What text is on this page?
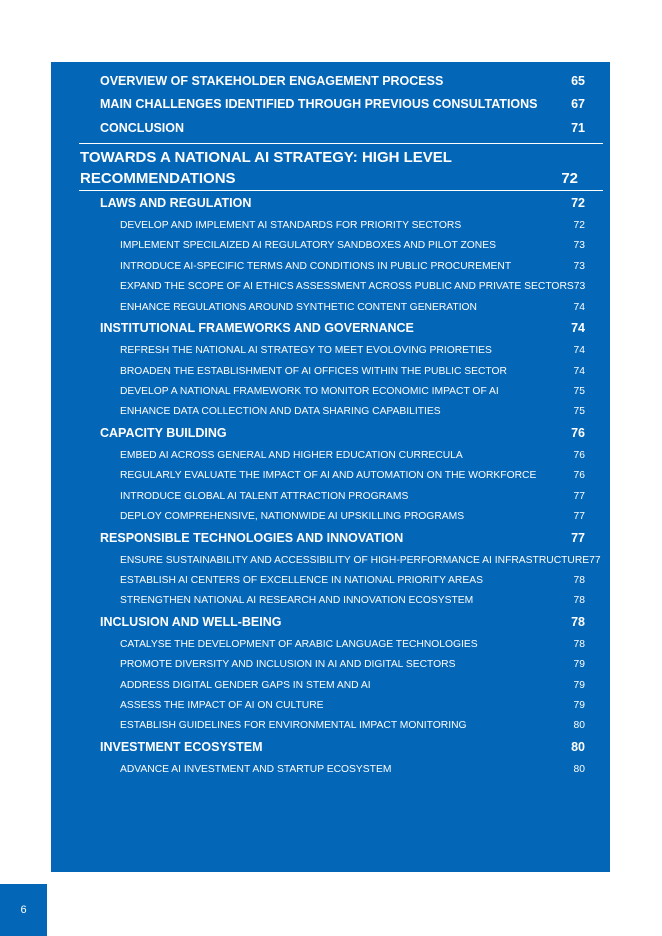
OVERVIEW OF STAKEHOLDER ENGAGEMENT PROCESS	65
MAIN CHALLENGES IDENTIFIED THROUGH PREVIOUS CONSULTATIONS	67
CONCLUSION	71
TOWARDS A NATIONAL AI STRATEGY: HIGH LEVEL
RECOMMENDATIONS	72
LAWS AND REGULATION	72
DEVELOP AND IMPLEMENT AI STANDARDS FOR PRIORITY SECTORS	72
IMPLEMENT SPECILAIZED AI REGULATORY SANDBOXES AND PILOT ZONES	73
INTRODUCE AI-SPECIFIC TERMS AND CONDITIONS IN PUBLIC PROCUREMENT	73
EXPAND THE SCOPE OF AI ETHICS ASSESSMENT ACROSS PUBLIC AND PRIVATE SECTORS 73
ENHANCE REGULATIONS AROUND SYNTHETIC CONTENT GENERATION	74
INSTITUTIONAL FRAMEWORKS AND GOVERNANCE	74
REFRESH THE NATIONAL AI STRATEGY TO MEET EVOLOVING PRIORETIES	74
BROADEN THE ESTABLISHMENT OF AI OFFICES WITHIN THE PUBLIC SECTOR	74
DEVELOP A NATIONAL FRAMEWORK TO MONITOR ECONOMIC IMPACT OF AI	75
ENHANCE DATA COLLECTION AND DATA SHARING CAPABILITIES	75
CAPACITY BUILDING	76
EMBED AI ACROSS GENERAL AND HIGHER EDUCATION CURRECULA	76
REGULARLY EVALUATE THE IMPACT OF AI AND AUTOMATION ON THE WORKFORCE	76
INTRODUCE GLOBAL AI TALENT ATTRACTION PROGRAMS	77
DEPLOY COMPREHENSIVE, NATIONWIDE AI UPSKILLING PROGRAMS	77
RESPONSIBLE TECHNOLOGIES AND INNOVATION	77
ENSURE SUSTAINABILITY AND ACCESSIBILITY OF HIGH-PERFORMANCE AI INFRASTRUCTURE 77
ESTABLISH AI CENTERS OF EXCELLENCE IN NATIONAL PRIORITY AREAS	78
STRENGTHEN NATIONAL AI RESEARCH AND INNOVATION ECOSYSTEM	78
INCLUSION AND WELL-BEING	78
CATALYSE THE DEVELOPMENT OF ARABIC LANGUAGE TECHNOLOGIES	78
PROMOTE DIVERSITY AND INCLUSION IN AI AND DIGITAL SECTORS	79
ADDRESS DIGITAL GENDER GAPS IN STEM AND AI	79
ASSESS THE IMPACT OF AI ON CULTURE	79
ESTABLISH GUIDELINES FOR ENVIRONMENTAL IMPACT MONITORING	80
INVESTMENT ECOSYSTEM	80
ADVANCE AI INVESTMENT AND STARTUP ECOSYSTEM	80
6
